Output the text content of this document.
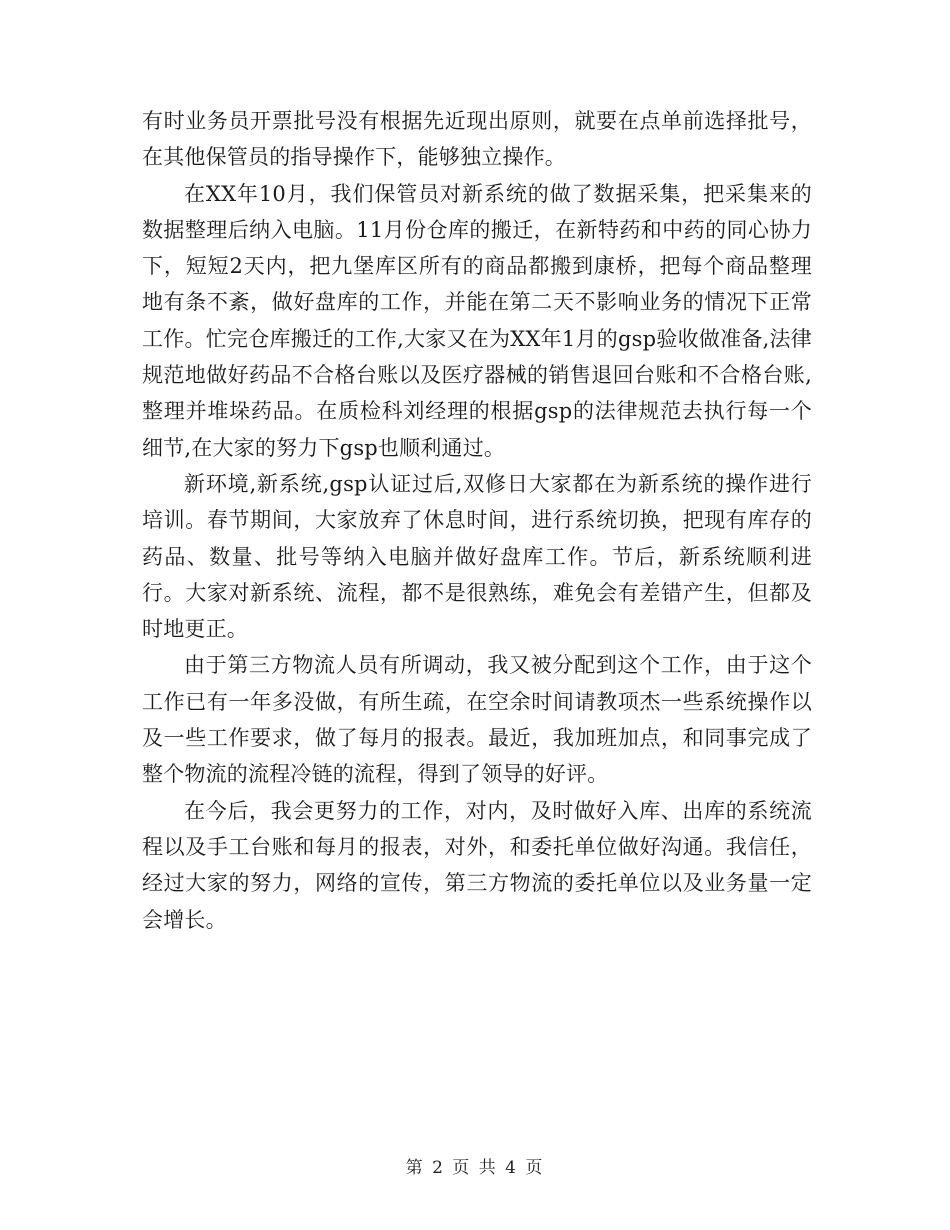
有时业务员开票批号没有根据先近现出原则，就要在点单前选择批号，在其他保管员的指导操作下，能够独立操作。

在XX年10月，我们保管员对新系统的做了数据采集，把采集来的数据整理后纳入电脑。11月份仓库的搬迁，在新特药和中药的同心协力下，短短2天内，把九堡库区所有的商品都搬到康桥，把每个商品整理地有条不紊，做好盘库的工作，并能在第二天不影响业务的情况下正常工作。忙完仓库搬迁的工作,大家又在为XX年1月的gsp验收做准备,法律规范地做好药品不合格台账以及医疗器械的销售退回台账和不合格台账,整理并堆垛药品。在质检科刘经理的根据gsp的法律规范去执行每一个细节,在大家的努力下gsp也顺利通过。

新环境,新系统,gsp认证过后,双修日大家都在为新系统的操作进行培训。春节期间，大家放弃了休息时间，进行系统切换，把现有库存的药品、数量、批号等纳入电脑并做好盘库工作。节后，新系统顺利进行。大家对新系统、流程，都不是很熟练，难免会有差错产生，但都及时地更正。

由于第三方物流人员有所调动，我又被分配到这个工作，由于这个工作已有一年多没做，有所生疏，在空余时间请教项杰一些系统操作以及一些工作要求，做了每月的报表。最近，我加班加点，和同事完成了整个物流的流程冷链的流程，得到了领导的好评。

在今后，我会更努力的工作，对内，及时做好入库、出库的系统流程以及手工台账和每月的报表，对外，和委托单位做好沟通。我信任，经过大家的努力，网络的宣传，第三方物流的委托单位以及业务量一定会增长。

第 2 页 共 4 页
